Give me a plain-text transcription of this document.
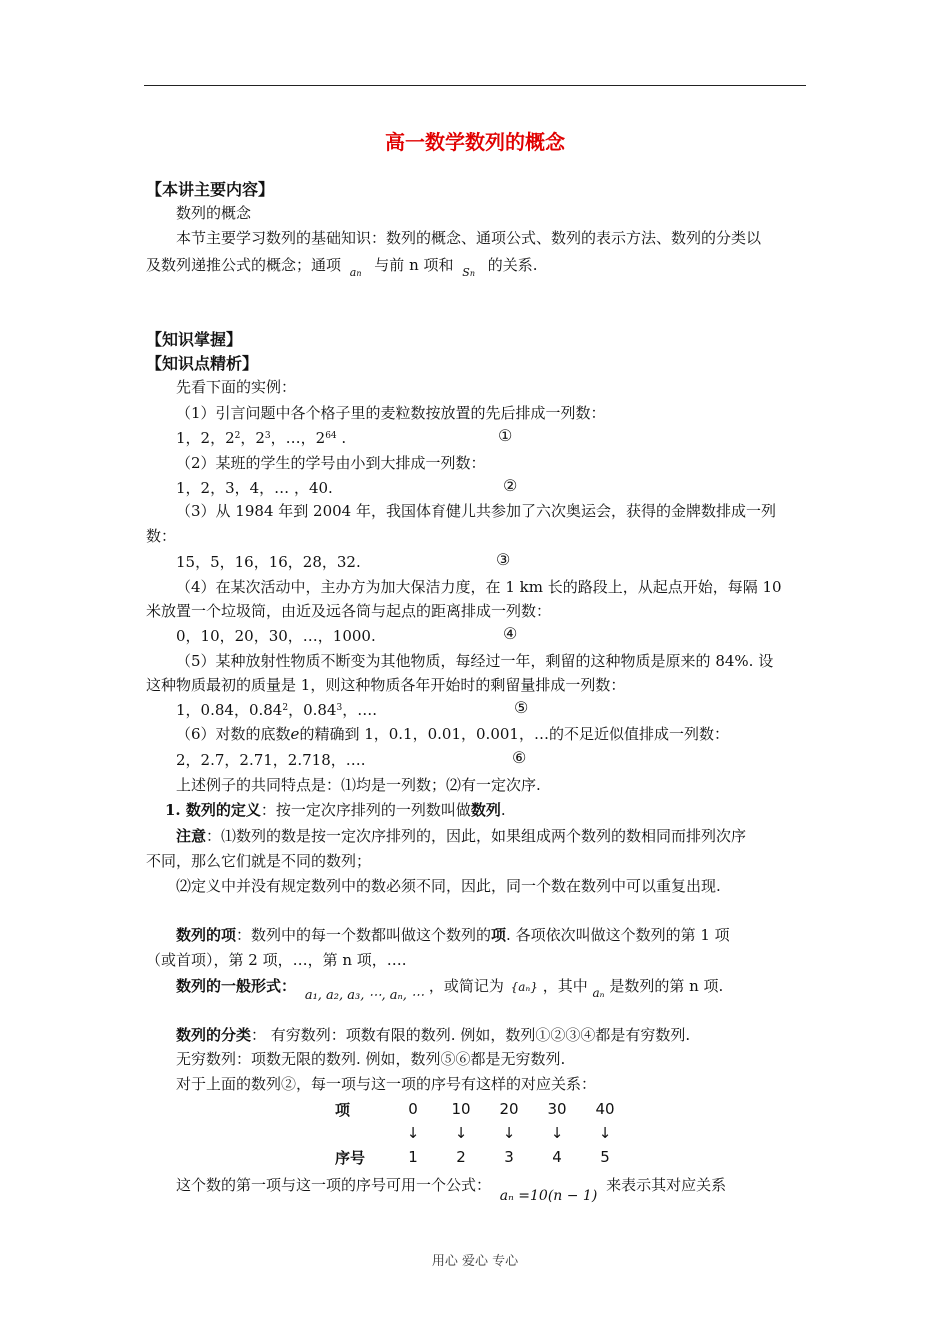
高一数学数列的概念
【本讲主要内容】
数列的概念
本节主要学习数列的基础知识：数列的概念、通项公式、数列的表示方法、数列的分类以
及数列递推公式的概念；通项 $_{an}$ 与前 n 项和 $_{Sn}$ 的关系.
【知识掌握】
【知识点精析】
先看下面的实例：
（1）引言问题中各个格子里的麦粒数按放置的先后排成一列数：
1，2，$2^2$，$2^3$，…，$2^{64}$ .	①
（2）某班的学生的学号由小到大排成一列数：
1，2，3，4，… ，40.	②
（3）从 1984 年到 2004 年，我国体育健儿共参加了六次奥运会，获得的金牌数排成一列
数：
15，5，16，16，28，32.	③
（4）在某次活动中，主办方为加大保洁力度，在 1 km 长的路段上，从起点开始，每隔 10
米放置一个垃圾筒，由近及远各筒与起点的距离排成一列数：
0，10，20，30，…，1000.	④
（5）某种放射性物质不断变为其他物质，每经过一年，剩留的这种物质是原来的 84%. 设
这种物质最初的质量是 1，则这种物质各年开始时的剩留量排成一列数：
1，0.84，0.84$^2$，0.84$^3$，….	⑤
（6）对数的底数e的精确到 1，0.1，0.01，0.001，…的不足近似值排成一列数：
2，2.7，2.71，2.718，….	⑥
上述例子的共同特点是：⑴均是一列数；⑵有一定次序.
1. 数列的定义：按一定次序排列的一列数叫做数列.
注意：⑴数列的数是按一定次序排列的，因此，如果组成两个数列的数相同而排列次序
不同，那么它们就是不同的数列；
⑵定义中并没有规定数列中的数必须不同，因此，同一个数在数列中可以重复出现.
数列的项：数列中的每一个数都叫做这个数列的项. 各项依次叫做这个数列的第 1 项
（或首项），第 2 项，…，第 n 项，….
数列的一般形式： a₁, a₂, a₃, ⋯, aₙ, ⋯ ，或简记为 {aₙ} ，其中 $_{a_n}$ 是数列的第 n 项.
数列的分类： 有穷数列：项数有限的数列. 例如，数列①②③④都是有穷数列.
无穷数列：项数无限的数列. 例如，数列⑤⑥都是无穷数列.
对于上面的数列②，每一项与这一项的序号有这样的对应关系：
项	0	10	20	30	40
	↓	↓	↓	↓	↓
序号	1	2	3	4	5
这个数的第一项与这一项的序号可用一个公式： aₙ =10(n − 1) 来表示其对应关系
用心 爱心 专心
